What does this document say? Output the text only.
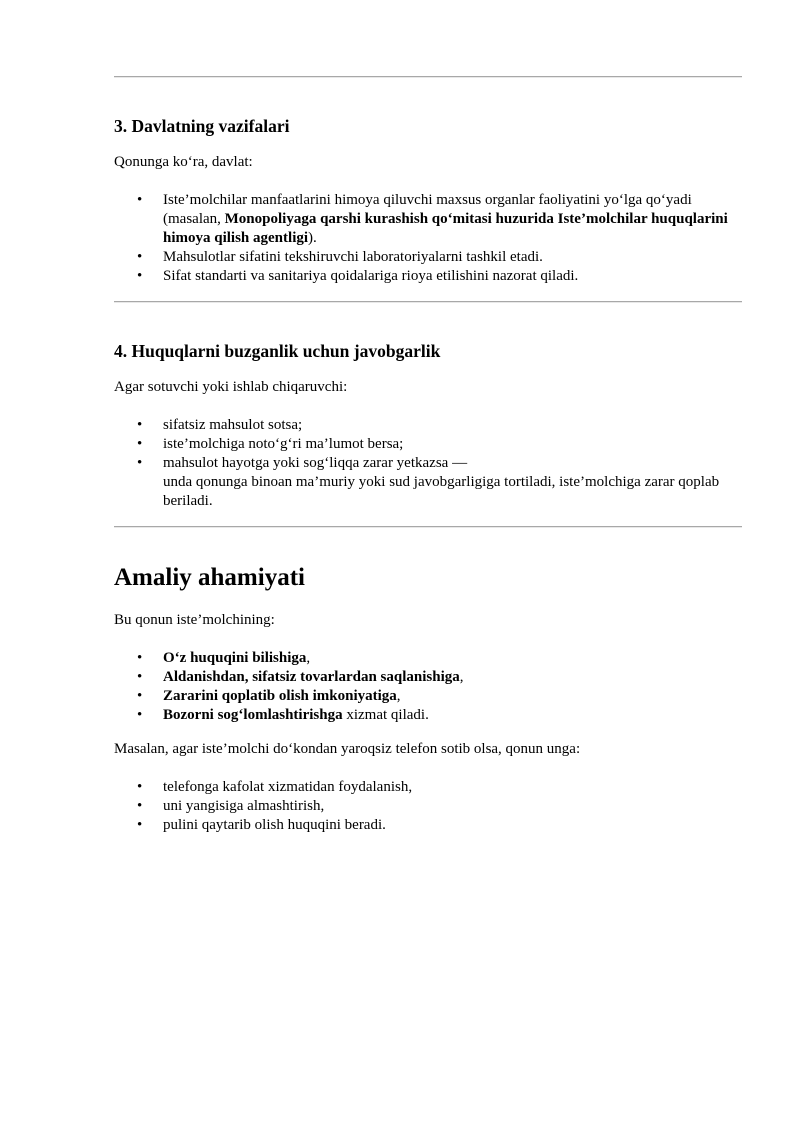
3. Davlatning vazifalari

Qonunga ko‘ra, davlat:

• Iste’molchilar manfaatlarini himoya qiluvchi maxsus organlar faoliyatini yo‘lga qo‘yadi (masalan, Monopoliyaga qarshi kurashish qo‘mitasi huzurida Iste’molchilar huquqlarini himoya qilish agentligi).
• Mahsulotlar sifatini tekshiruvchi laboratoriyalarni tashkil etadi.
• Sifat standarti va sanitariya qoidalariga rioya etilishini nazorat qiladi.
4. Huquqlarni buzganlik uchun javobgarlik

Agar sotuvchi yoki ishlab chiqaruvchi:

• sifatsiz mahsulot sotsa;
• iste’molchiga noto‘g‘ri ma’lumot bersa;
• mahsulot hayotga yoki sog‘liqqa zarar yetkazsa —
unda qonunga binoan ma’muriy yoki sud javobgarligiga tortiladi, iste’molchiga zarar qoplab beriladi.
Amaliy ahamiyati

Bu qonun iste’molchining:

• O‘z huquqini bilishiga,
• Aldanishdan, sifatsiz tovarlardan saqlanishiga,
• Zararini qoplatib olish imkoniyatiga,
• Bozorni sog‘lomlashtirishga xizmat qiladi.

Masalan, agar iste’molchi do‘kondan yaroqsiz telefon sotib olsa, qonun unga:

• telefonga kafolat xizmatidan foydalanish,
• uni yangisiga almashtirish,
• pulini qaytarib olish huquqini beradi.
